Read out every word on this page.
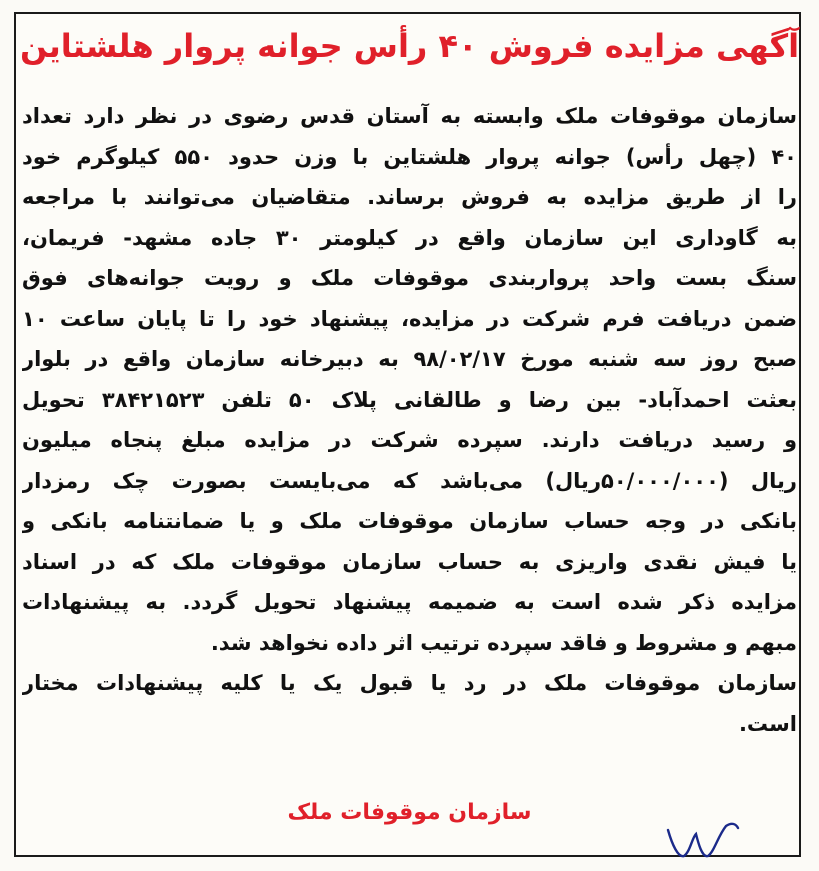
آگهی مزایده فروش ۴۰ رأس جوانه پروار هلشتاین
سازمان موقوفات ملک وابسته به آستان قدس رضوی در نظر دارد تعداد
۴۰ (چهل رأس) جوانه پروار هلشتاین با وزن حدود ۵۵۰ کیلوگرم خود
را از طریق مزایده به فروش برساند. متقاضیان می‌توانند با مراجعه
به گاوداری این سازمان واقع در کیلومتر ۳۰ جاده مشهد- فریمان،
سنگ بست واحد پرواربندی موقوفات ملک و رویت جوانه‌های فوق
ضمن دریافت فرم شرکت در مزایده، پیشنهاد خود را تا پایان ساعت ۱۰
صبح روز سه شنبه مورخ ۹۸/۰۲/۱۷ به دبیرخانه سازمان واقع در بلوار
بعثت احمدآباد- بین رضا و طالقانی پلاک ۵۰ تلفن ۳۸۴۲۱۵۲۳ تحویل
و رسید دریافت دارند. سپرده شرکت در مزایده مبلغ پنجاه میلیون
ریال (۵۰/۰۰۰/۰۰۰ریال) می‌باشد که می‌بایست بصورت چک رمزدار
بانکی در وجه حساب سازمان موقوفات ملک و یا ضمانتنامه بانکی و
یا فیش نقدی واریزی به حساب سازمان موقوفات ملک که در اسناد
مزایده ذکر شده است به ضمیمه پیشنهاد تحویل گردد. به پیشنهادات
مبهم و مشروط و فاقد سپرده ترتیب اثر داده نخواهد شد.
سازمان موقوفات ملک در رد یا قبول یک یا کلیه پیشنهادات مختار
است.
سازمان موقوفات ملک
